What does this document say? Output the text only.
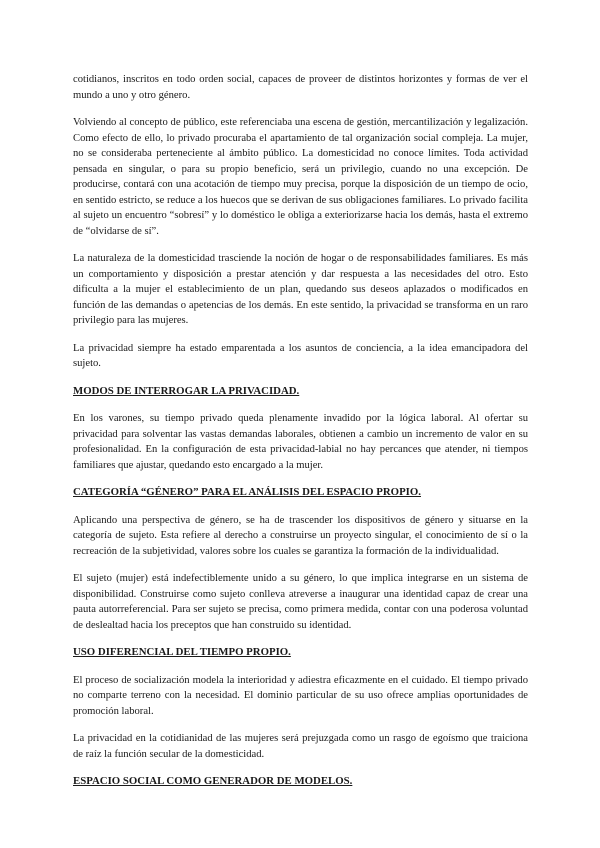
cotidianos, inscritos en todo orden social, capaces de proveer de distintos horizontes y formas de ver el mundo a uno y otro género.

Volviendo al concepto de público, este referenciaba una escena de gestión, mercantilización y legalización. Como efecto de ello, lo privado procuraba el apartamiento de tal organización social compleja. La mujer, no se consideraba perteneciente al ámbito público. La domesticidad no conoce límites. Toda actividad pensada en singular, o para su propio beneficio, será un privilegio, cuando no una excepción. De producirse, contará con una acotación de tiempo muy precisa, porque la disposición de un tiempo de ocio, en sentido estricto, se reduce a los huecos que se derivan de sus obligaciones familiares. Lo privado facilita al sujeto un encuentro “sobresí” y lo doméstico le obliga a exteriorizarse hacia los demás, hasta el extremo de “olvidarse de sí”.

La naturaleza de la domesticidad trasciende la noción de hogar o de responsabilidades familiares. Es más un comportamiento y disposición a prestar atención y dar respuesta a las necesidades del otro. Esto dificulta a la mujer el establecimiento de un plan, quedando sus deseos aplazados o modificados en función de las demandas o apetencias de los demás. En este sentido, la privacidad se transforma en un raro privilegio para las mujeres.

La privacidad siempre ha estado emparentada a los asuntos de conciencia, a la idea emancipadora del sujeto.

MODOS DE INTERROGAR LA PRIVACIDAD.

En los varones, su tiempo privado queda plenamente invadido por la lógica laboral. Al ofertar su privacidad para solventar las vastas demandas laborales, obtienen a cambio un incremento de valor en su profesionalidad. En la configuración de esta privacidad-labial no hay percances que atender, ni tiempos familiares que ajustar, quedando esto encargado a la mujer.

CATEGORÍA “GÉNERO” PARA EL ANÁLISIS DEL ESPACIO PROPIO.

Aplicando una perspectiva de género, se ha de trascender los dispositivos de género y situarse en la categoría de sujeto. Esta refiere al derecho a construirse un proyecto singular, el conocimiento de sí o la recreación de la subjetividad, valores sobre los cuales se garantiza la formación de la individualidad.

El sujeto (mujer) está indefectiblemente unido a su género, lo que implica integrarse en un sistema de disponibilidad. Construirse como sujeto conlleva atreverse a inaugurar una identidad capaz de crear una pauta autorreferencial. Para ser sujeto se precisa, como primera medida, contar con una poderosa voluntad de deslealtad hacia los preceptos que han construido su identidad.

USO DIFERENCIAL DEL TIEMPO PROPIO.

El proceso de socialización modela la interioridad y adiestra eficazmente en el cuidado. El tiempo privado no comparte terreno con la necesidad. El dominio particular de su uso ofrece amplias oportunidades de promoción laboral.

La privacidad en la cotidianidad de las mujeres será prejuzgada como un rasgo de egoísmo que traiciona de raíz la función secular de la domesticidad.

ESPACIO SOCIAL COMO GENERADOR DE MODELOS.
